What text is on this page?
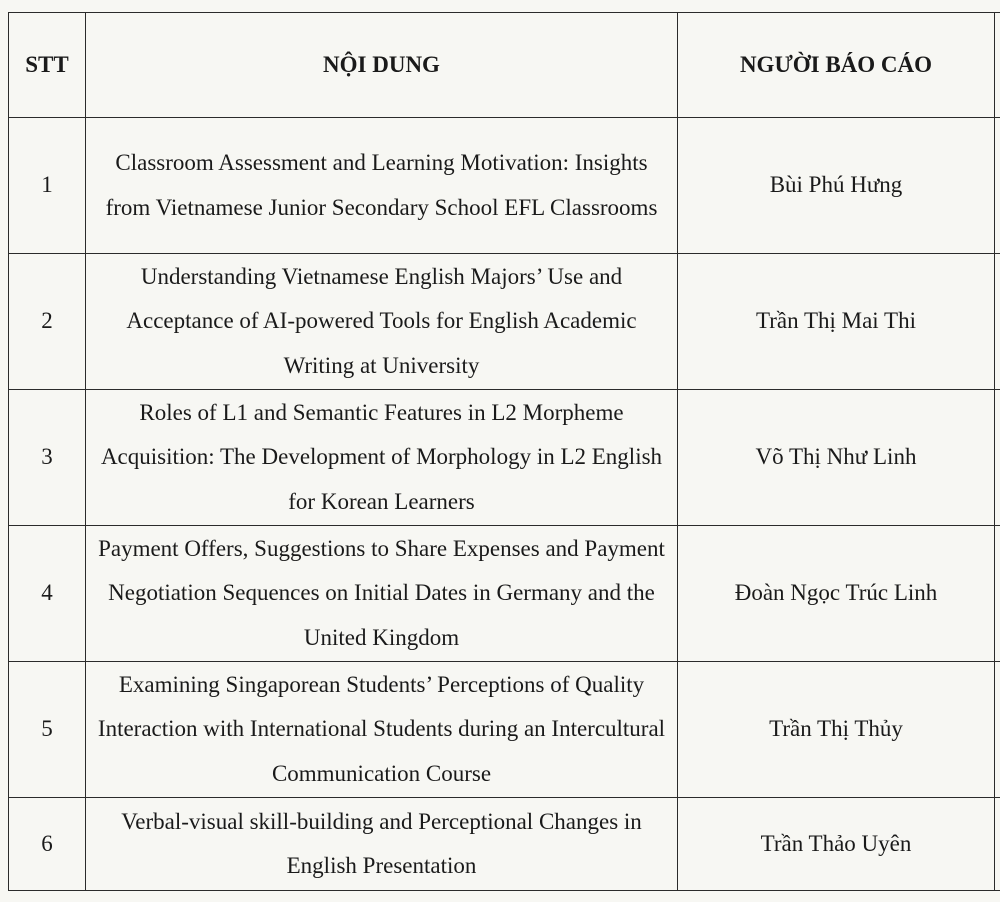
STT	NỘI DUNG	NGƯỜI BÁO CÁO	
1	Classroom Assessment and Learning Motivation: Insights from Vietnamese Junior Secondary School EFL Classrooms	Bùi Phú Hưng	
2	Understanding Vietnamese English Majors’ Use and Acceptance of AI-powered Tools for English Academic Writing at University	Trần Thị Mai Thi	
3	Roles of L1 and Semantic Features in L2 Morpheme Acquisition: The Development of Morphology in L2 English for Korean Learners	Võ Thị Như Linh	
4	Payment Offers, Suggestions to Share Expenses and Payment Negotiation Sequences on Initial Dates in Germany and the United Kingdom	Đoàn Ngọc Trúc Linh	
5	Examining Singaporean Students’ Perceptions of Quality Interaction with International Students during an Intercultural Communication Course	Trần Thị Thủy	
6	Verbal-visual skill-building and Perceptional Changes in English Presentation	Trần Thảo Uyên	
